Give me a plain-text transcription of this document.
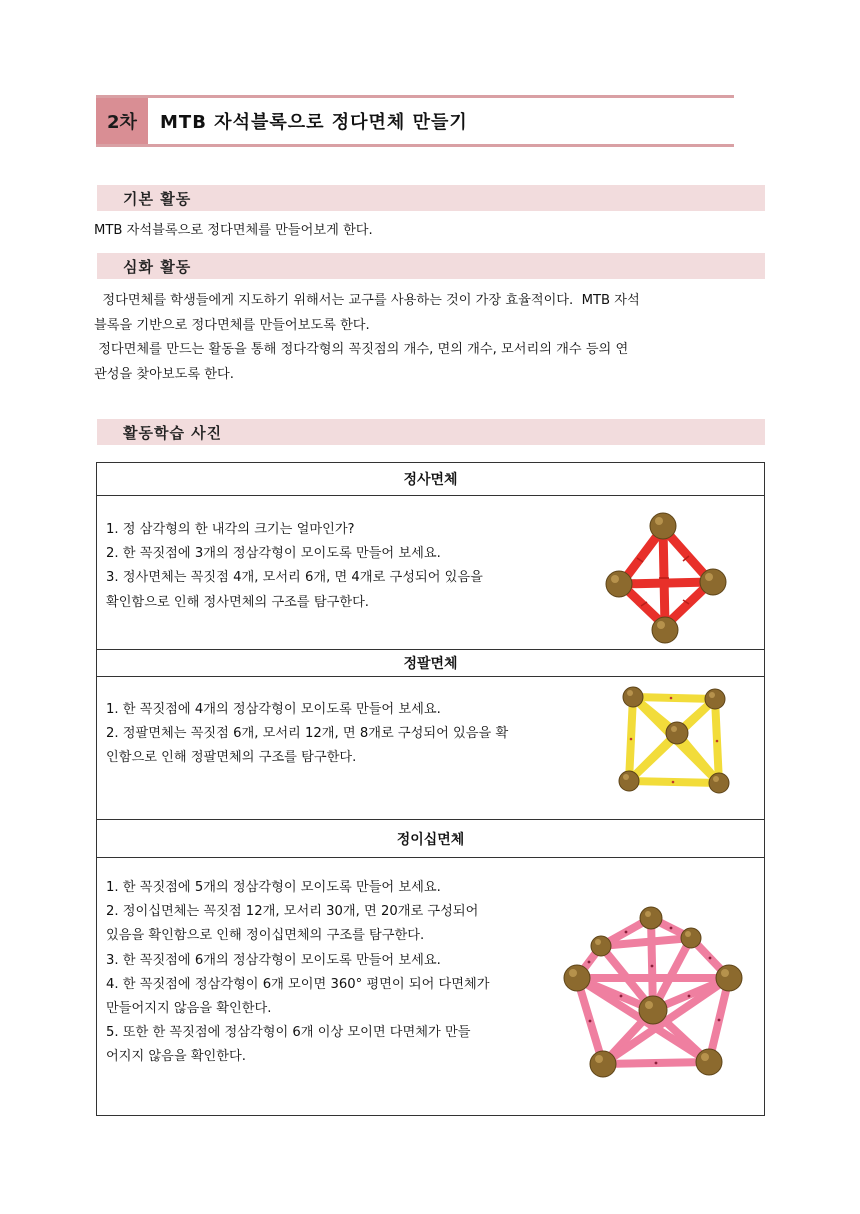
2차	MTB 자석블록으로 정다면체 만들기
기본 활동
MTB 자석블록으로 정다면체를 만들어보게 한다.
심화 활동
정다면체를 학생들에게 지도하기 위해서는 교구를 사용하는 것이 가장 효율적이다.  MTB 자석
블록을 기반으로 정다면체를 만들어보도록 한다.
정다면체를 만드는 활동을 통해 정다각형의 꼭짓점의 개수, 면의 개수, 모서리의 개수 등의 연
관성을 찾아보도록 한다.
활동학습 사진
정사면체
1. 정 삼각형의 한 내각의 크기는 얼마인가?
2. 한 꼭짓점에 3개의 정삼각형이 모이도록 만들어 보세요.
3. 정사면체는 꼭짓점 4개, 모서리 6개, 면 4개로 구성되어 있음을
확인함으로 인해 정사면체의 구조를 탐구한다.
정팔면체
1. 한 꼭짓점에 4개의 정삼각형이 모이도록 만들어 보세요.
2. 정팔면체는 꼭짓점 6개, 모서리 12개, 면 8개로 구성되어 있음을 확
인함으로 인해 정팔면체의 구조를 탐구한다.
정이십면체
1. 한 꼭짓점에 5개의 정삼각형이 모이도록 만들어 보세요.
2. 정이십면체는 꼭짓점 12개, 모서리 30개, 면 20개로 구성되어
있음을 확인함으로 인해 정이십면체의 구조를 탐구한다.
3. 한 꼭짓점에 6개의 정삼각형이 모이도록 만들어 보세요.
4. 한 꼭짓점에 정삼각형이 6개 모이면 360° 평면이 되어 다면체가
만들어지지 않음을 확인한다.
5. 또한 한 꼭짓점에 정삼각형이 6개 이상 모이면 다면체가 만들
어지지 않음을 확인한다.
